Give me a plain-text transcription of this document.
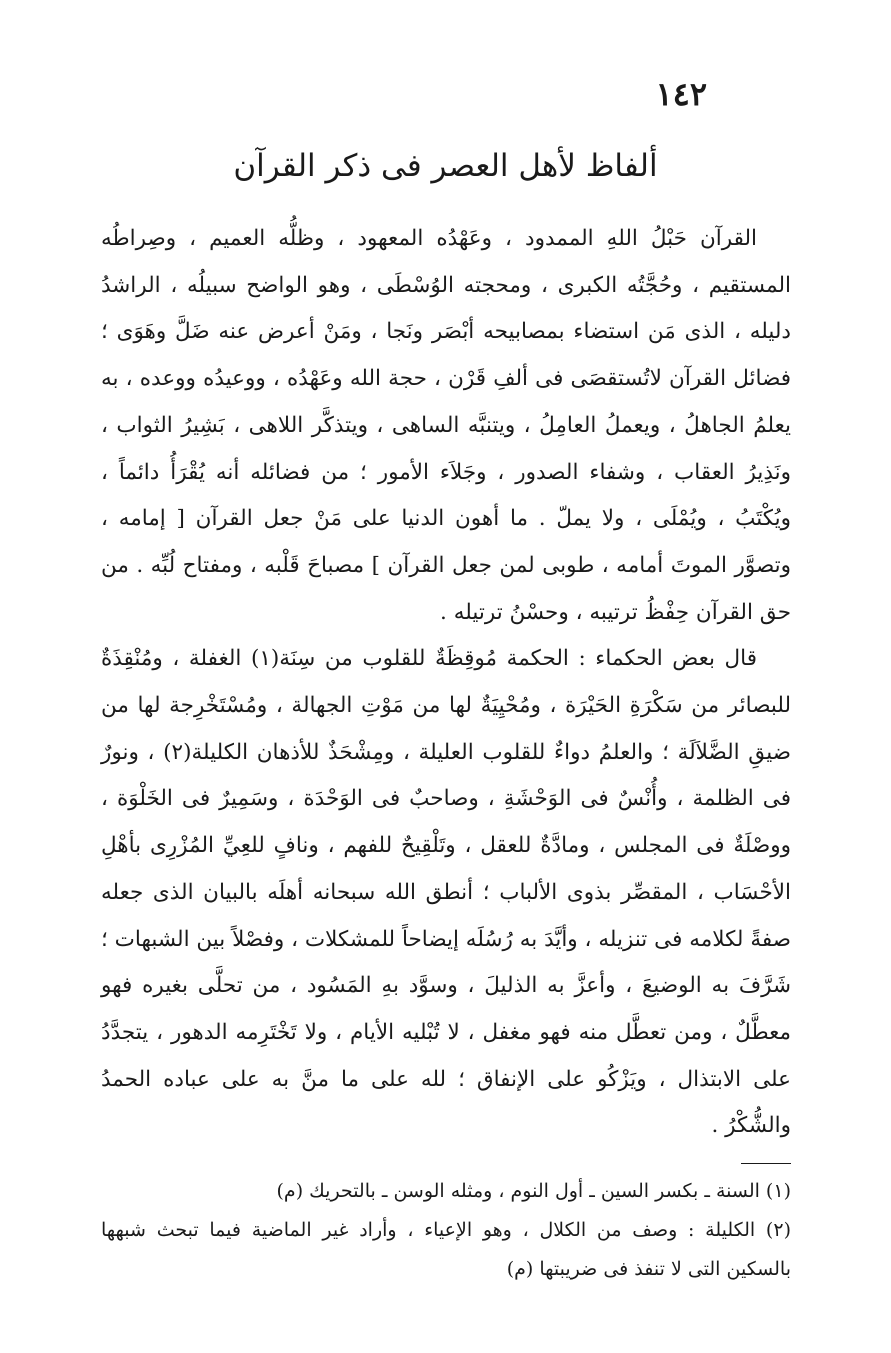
١٤٢
ألفاظ لأهل العصر فى ذكر القرآن

القرآن حَبْلُ اللهِ الممدود ، وعَهْدُه المعهود ، وظلُّه العميم ، وصِراطُه المستقيم ، وحُجَّتُه الكبرى ، ومحجته الوُسْطَى ، وهو الواضح سبيلُه ، الراشدُ دليله ، الذى مَن استضاء بمصابيحه أبْصَر ونَجا ، ومَنْ أعرض عنه ضَلَّ وهَوَى ؛ فضائل القرآن لاتُستقصَى فى ألفِ قَرْن ، حجة الله وعَهْدُه ، ووعيدُه ووعده ، به يعلمُ الجاهلُ ، ويعملُ العامِلُ ، ويتنبَّه الساهى ، ويتذكَّر اللاهى ، بَشِيرُ الثواب ، ونَذِيرُ العقاب ، وشفاء الصدور ، وجَلاَء الأمور ؛ من فضائله أنه يُقْرَأُ دائماً ، ويُكْتَبُ ، ويُمْلَى ، ولا يملّ . ما أهون الدنيا على مَنْ جعل القرآن [ إمامه ، وتصوَّر الموتَ أمامه ، طوبى لمن جعل القرآن ] مصباحَ قَلْبه ، ومفتاح لُبِّه . من حق القرآن حِفْظُ ترتيبه ، وحسْنُ ترتيله .

قال بعض الحكماء : الحكمة مُوقِظَةٌ للقلوب من سِنَة(١) الغفلة ، ومُنْقِذَةٌ للبصائر من سَكْرَةِ الحَيْرَة ، ومُحْيِيَةٌ لها من مَوْتِ الجهالة ، ومُسْتَخْرِجة لها من ضيقِ الضَّلاَلَة ؛ والعلمُ دواءٌ للقلوب العليلة ، ومِشْحَذٌ للأذهان الكليلة(٢) ، ونورٌ فى الظلمة ، وأُنْسٌ فى الوَحْشَةِ ، وصاحبٌ فى الوَحْدَة ، وسَمِيرٌ فى الخَلْوَة ، ووصْلَةٌ فى المجلس ، ومادَّةٌ للعقل ، وتَلْقِيحٌ للفهم ، ونافٍ للعِيِّ المُزْرِى بأهْلِ الأحْسَاب ، المقصِّر بذوى الألباب ؛ أنطق الله سبحانه أهلَه بالبيان الذى جعله صفةً لكلامه فى تنزيله ، وأيَّدَ به رُسُلَه إيضاحاً للمشكلات ، وفصْلاً بين الشبهات ؛ شَرَّفَ به الوضيعَ ، وأعزَّ به الذليلَ ، وسوَّد بهِ المَسُود ، من تحلَّى بغيره فهو معطَّلٌ ، ومن تعطَّل منه فهو مغفل ، لا تُبْليه الأيام ، ولا تَخْتَرِمه الدهور ، يتجدَّدُ على الابتذال ، ويَزْكُو على الإنفاق ؛ لله على ما منَّ به على عباده الحمدُ والشُّكْرُ .

(١) السنة ـ بكسر السين ـ أول النوم ، ومثله الوسن ـ بالتحريك (م)

(٢) الكليلة : وصف من الكلال ، وهو الإعياء ، وأراد غير الماضية فيما تبحث شبهها بالسكين التى لا تنفذ فى ضريبتها (م)
